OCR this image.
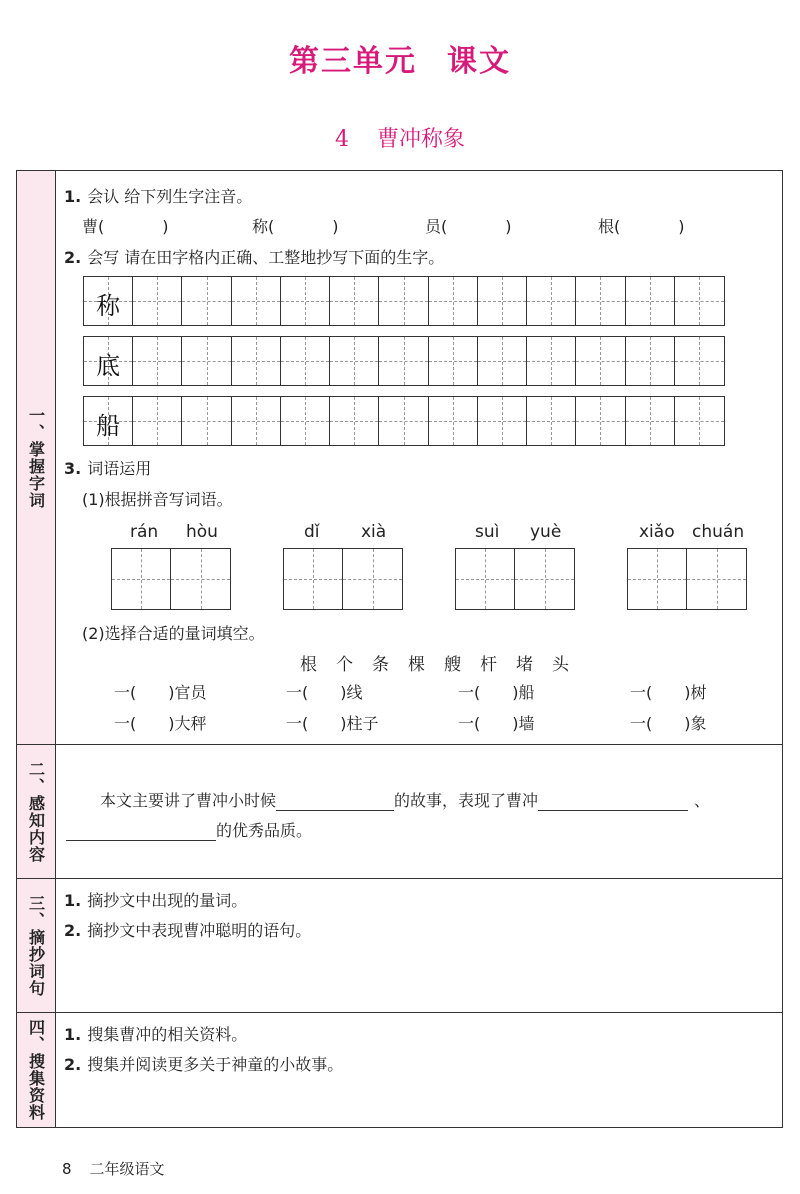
第三单元 课文
4 曹冲称象
一、掌握字词
二、感知内容
三、摘抄词句
四、搜集资料
1. 会认 给下列生字注音。
曹(	)	称(	)	员(	)	根(	)
2. 会写 请在田字格内正确、工整地抄写下面的生字。
称
底
船
3. 词语运用
(1)根据拼音写词语。
rán hòu	dǐ xià	suì yuè	xiǎo chuán
(2)选择合适的量词填空。
根 个 条 棵 艘 杆 堵 头
一( )官员	一( )线	一( )船	一( )树
一( )大秤	一( )柱子	一( )墙	一( )象
本文主要讲了曹冲小时候	的故事，表现了曹冲	、
的优秀品质。
1. 摘抄文中出现的量词。
2. 摘抄文中表现曹冲聪明的语句。
1. 搜集曹冲的相关资料。
2. 搜集并阅读更多关于神童的小故事。
8 二年级语文
